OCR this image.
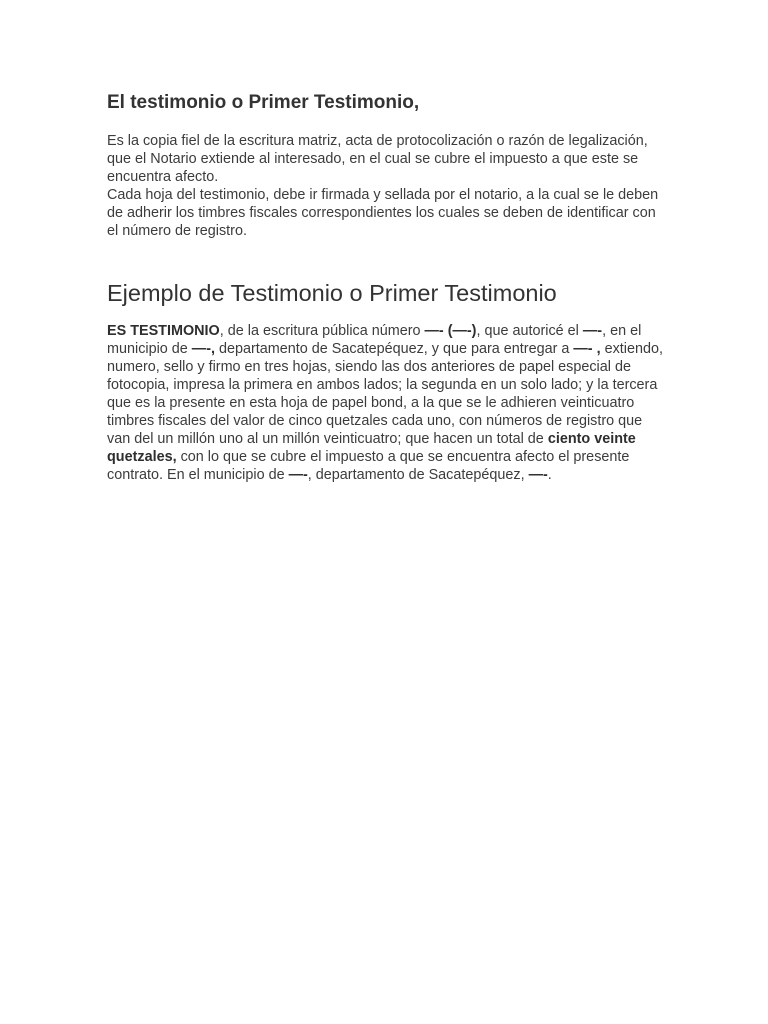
El testimonio o Primer Testimonio,

Es la copia fiel de la escritura matriz, acta de protocolización o razón de legalización, que el Notario extiende al interesado, en el cual se cubre el impuesto a que este se encuentra afecto.
Cada hoja del testimonio, debe ir firmada y sellada por el notario, a la cual se le deben de adherir los timbres fiscales correspondientes los cuales se deben de identificar con el número de registro.

Ejemplo de Testimonio o Primer Testimonio

ES TESTIMONIO, de la escritura pública número —- (—-), que autoricé el —-, en el municipio de —-, departamento de Sacatepéquez, y que para entregar a —- , extiendo, numero, sello y firmo en tres hojas, siendo las dos anteriores de papel especial de fotocopia, impresa la primera en ambos lados; la segunda en un solo lado; y la tercera que es la presente en esta hoja de papel bond, a la que se le adhieren veinticuatro timbres fiscales del valor de cinco quetzales cada uno, con números de registro que van del un millón uno al un millón veinticuatro; que hacen un total de ciento veinte quetzales, con lo que se cubre el impuesto a que se encuentra afecto el presente contrato. En el municipio de —-, departamento de Sacatepéquez, —-.
